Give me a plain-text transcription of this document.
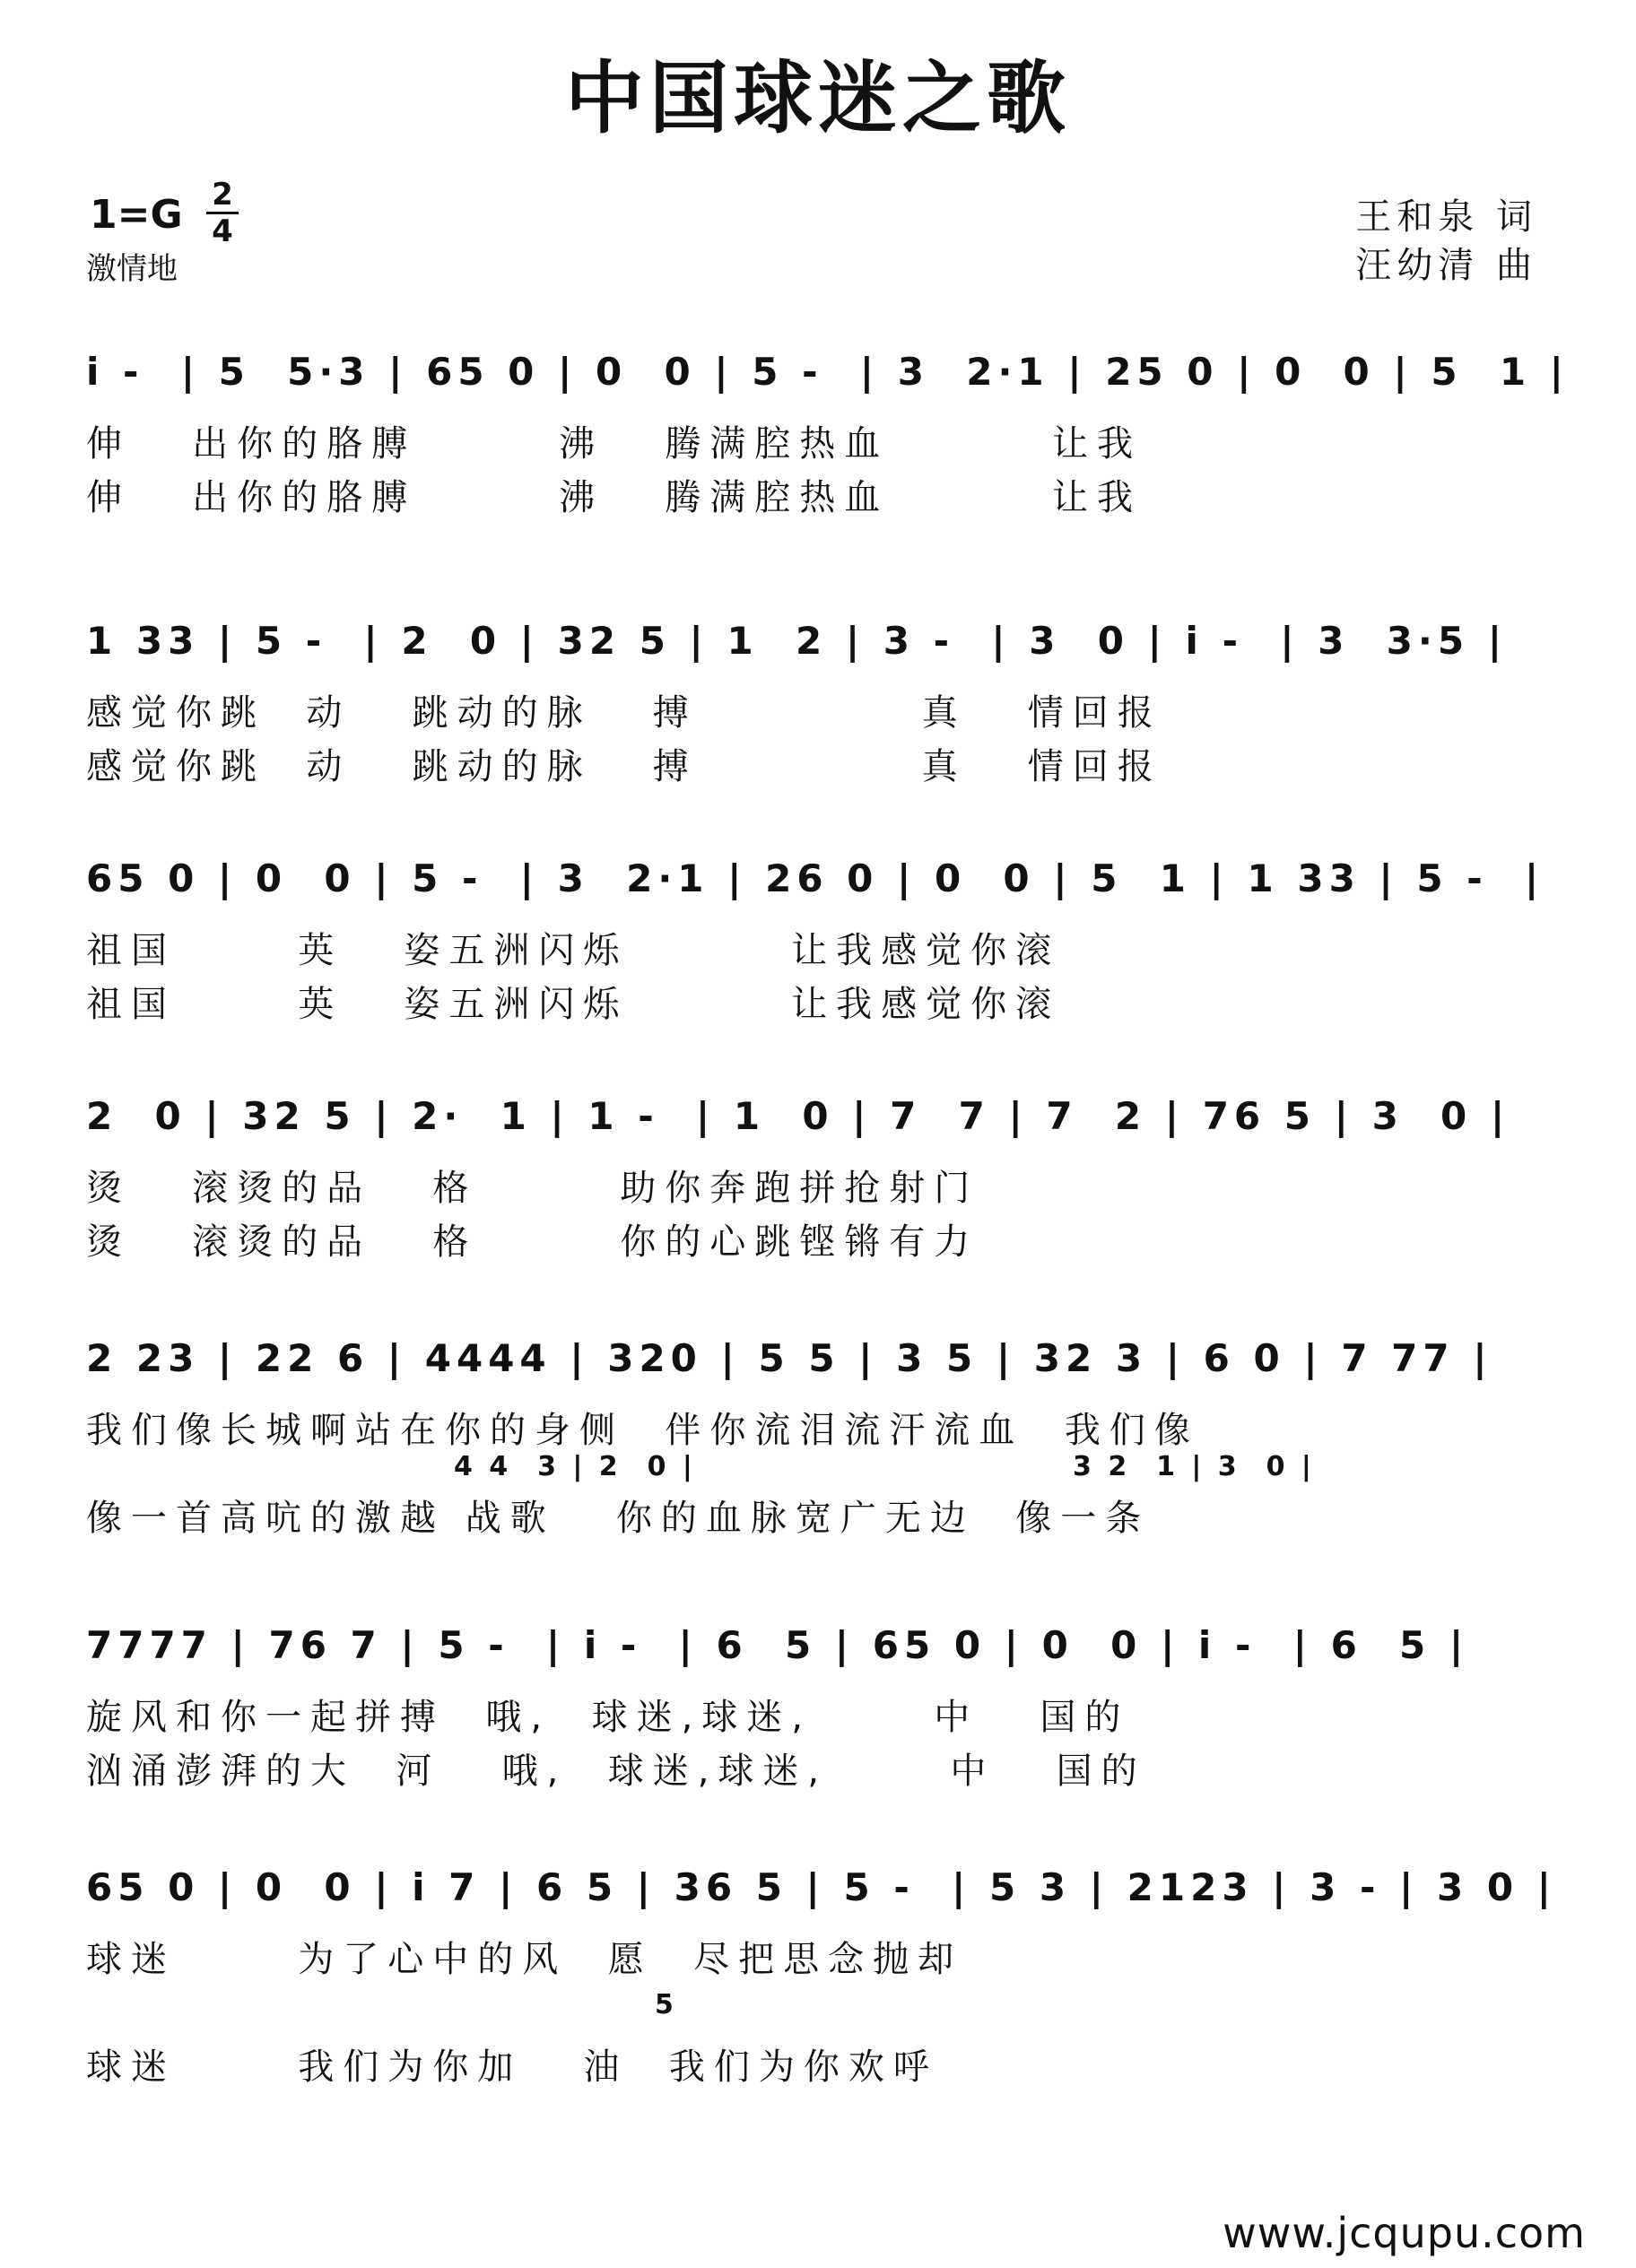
中国球迷之歌
1=G 2
4
激情地
王和泉 词
汪幼清 曲
i -  | 5  5·3 | 65 0 | 0  0 | 5 -  | 3  2·1 | 25 0 | 0  0 | 5  1 |
伸   出你的胳膊       沸   腾满腔热血        让我
伸   出你的胳膊       沸   腾满腔热血        让我
1 33 | 5 -  | 2  0 | 32 5 | 1  2 | 3 -  | 3  0 | i -  | 3  3·5 |
感觉你跳  动   跳动的脉   搏           真   情回报
感觉你跳  动   跳动的脉   搏           真   情回报
65 0 | 0  0 | 5 -  | 3  2·1 | 26 0 | 0  0 | 5  1 | 1 33 | 5 -  |
祖国      英   姿五洲闪烁        让我感觉你滚
祖国      英   姿五洲闪烁        让我感觉你滚
2  0 | 32 5 | 2·  1 | 1 -  | 1  0 | 7  7 | 7  2 | 76 5 | 3  0 |
烫   滚烫的品   格       助你奔跑拼抢射门
烫   滚烫的品   格       你的心跳铿锵有力
2 23 | 22 6 | 4444 | 320 | 5 5 | 3 5 | 32 3 | 6 0 | 7 77 |
我们像长城啊站在你的身侧  伴你流泪流汗流血  我们像
4 4  3 | 2  0 |	3 2  1 | 3  0 |
像一首高吭的激越 战歌   你的血脉宽广无边  像一条
7777 | 76 7 | 5 -  | i -  | 6  5 | 65 0 | 0  0 | i -  | 6  5 |
旋风和你一起拼搏  哦,  球迷,球迷,      中   国的
汹涌澎湃的大  河   哦,  球迷,球迷,      中   国的
65 0 | 0  0 | i 7 | 6 5 | 36 5 | 5 -  | 5 3 | 2123 | 3 - | 3 0 |
球迷      为了心中的风  愿  尽把思念抛却
5
球迷      我们为你加   油  我们为你欢呼
www.jcqupu.com
